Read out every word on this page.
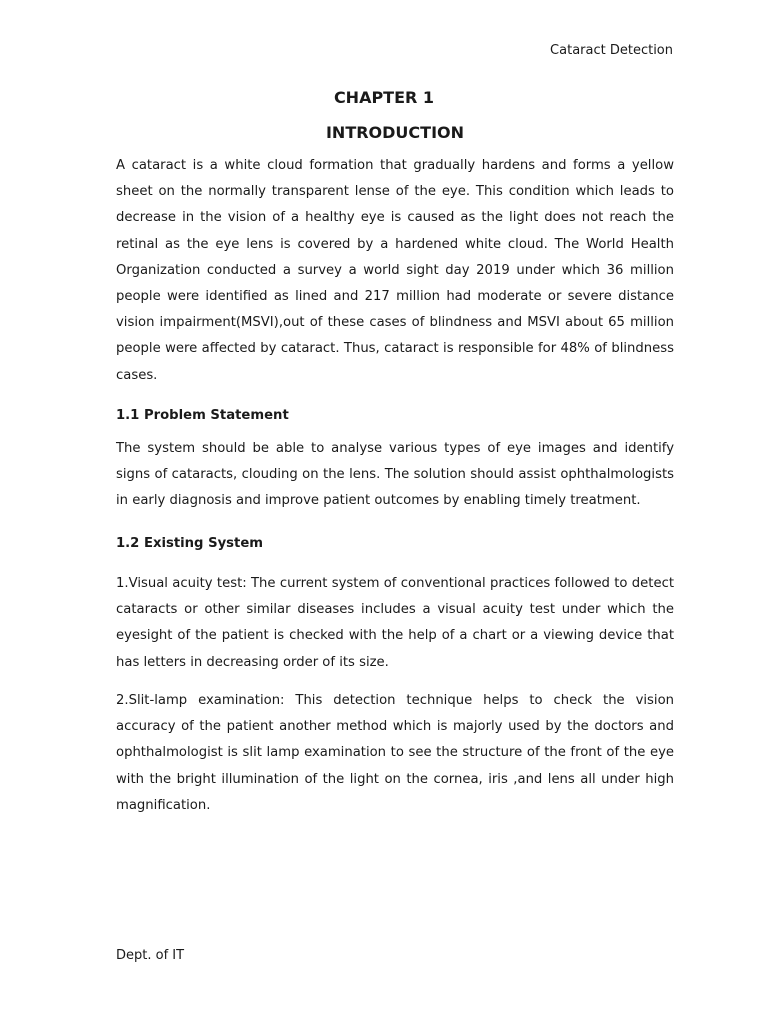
Cataract Detection
CHAPTER 1
INTRODUCTION

A cataract is a white cloud formation that gradually hardens and forms a yellow sheet on the normally transparent lense of the eye. This condition which leads to decrease in the vision of a healthy eye is caused as the light does not reach the retinal as the eye lens is covered by a hardened white cloud. The World Health Organization conducted a survey a world sight day 2019 under which 36 million people were identified as lined and 217 million had moderate or severe distance vision impairment(MSVI),out of these cases of blindness and MSVI about 65 million people were affected by cataract. Thus, cataract is responsible for 48% of blindness cases.

1.1 Problem Statement

The system should be able to analyse various types of eye images and identify signs of cataracts, clouding on the lens. The solution should assist ophthalmologists in early diagnosis and improve patient outcomes by enabling timely treatment.

1.2 Existing System

1.Visual acuity test: The current system of conventional practices followed to detect cataracts or other similar diseases includes a visual acuity test under which the eyesight of the patient is checked with the help of a chart or a viewing device that has letters in decreasing order of its size.

2.Slit-lamp examination: This detection technique helps to check the vision accuracy of the patient another method which is majorly used by the doctors and ophthalmologist is slit lamp examination to see the structure of the front of the eye with the bright illumination of the light on the cornea, iris ,and lens all under high magnification.

Dept. of IT
